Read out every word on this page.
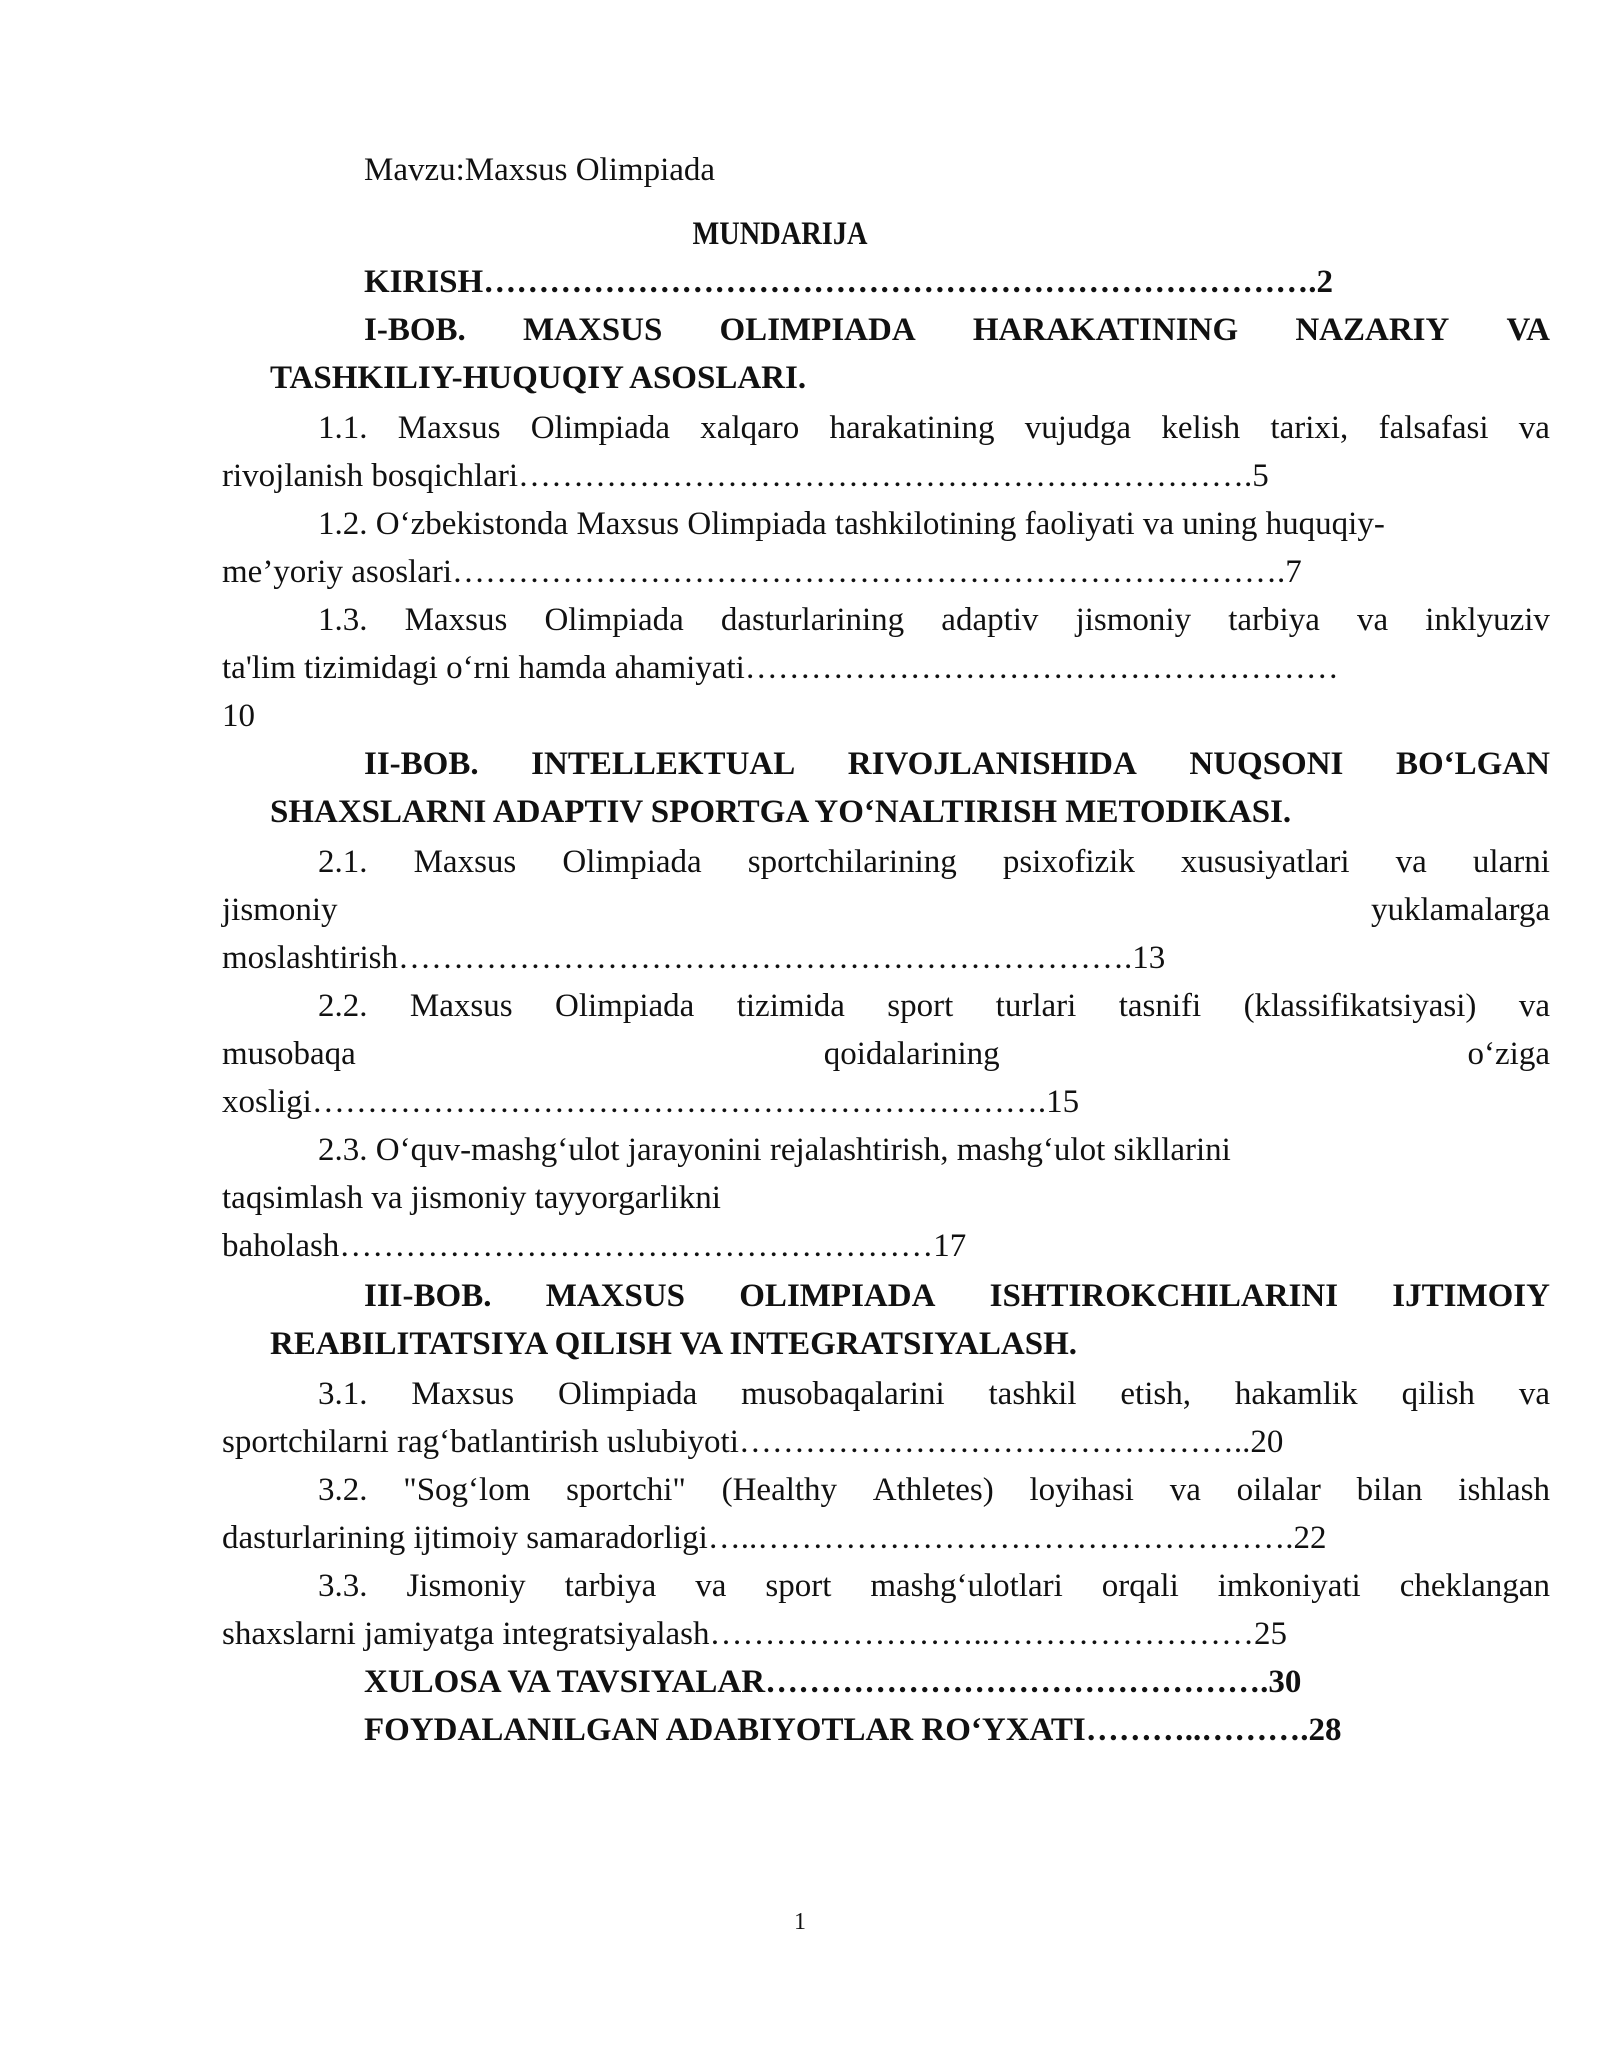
Mavzu:Maxsus Olimpiada
MUNDARIJA
KIRISH………………………………………………………………….2
I-BOB. MAXSUS OLIMPIADA HARAKATINING NAZARIY VA
TASHKILIY-HUQUQIY ASOSLARI.
1.1. Maxsus Olimpiada xalqaro harakatining vujudga kelish tarixi, falsafasi va
rivojlanish bosqichlari………………………………………………………….5
1.2. O‘zbekistonda Maxsus Olimpiada tashkilotining faoliyati va uning huquqiy-
me’yoriy asoslari………………………………………………………………….7
1.3. Maxsus Olimpiada dasturlarining adaptiv jismoniy tarbiya va inklyuziv
ta'lim tizimidagi o‘rni hamda ahamiyati………………………………………………
10
II-BOB. INTELLEKTUAL RIVOJLANISHIDA NUQSONI BO‘LGAN
SHAXSLARNI ADAPTIV SPORTGA YO‘NALTIRISH METODIKASI.
2.1. Maxsus Olimpiada sportchilarining psixofizik xususiyatlari va ularni
jismoniy	yuklamalarga
moslashtirish………………………………………………………….13
2.2. Maxsus Olimpiada tizimida sport turlari tasnifi (klassifikatsiyasi) va
musobaqa	qoidalarining	o‘ziga
xosligi………………………………………………………….15
2.3. O‘quv-mashg‘ulot jarayonini rejalashtirish, mashg‘ulot sikllarini
taqsimlash va jismoniy tayyorgarlikni
baholash………………………………………………17
III-BOB. MAXSUS OLIMPIADA ISHTIROKCHILARINI IJTIMOIY
REABILITATSIYA QILISH VA INTEGRATSIYALASH.
3.1. Maxsus Olimpiada musobaqalarini tashkil etish, hakamlik qilish va
sportchilarni rag‘batlantirish uslubiyoti………………………………………..20
3.2. "Sog‘lom sportchi" (Healthy Athletes) loyihasi va oilalar bilan ishlash
dasturlarining ijtimoiy samaradorligi…..………………………………………….22
3.3. Jismoniy tarbiya va sport mashg‘ulotlari orqali imkoniyati cheklangan
shaxslarni jamiyatga integratsiyalash……………………..……………………25
XULOSA VA TAVSIYALAR……………………………………….30
FOYDALANILGAN ADABIYOTLAR RO‘YXATI………..……….28
1
